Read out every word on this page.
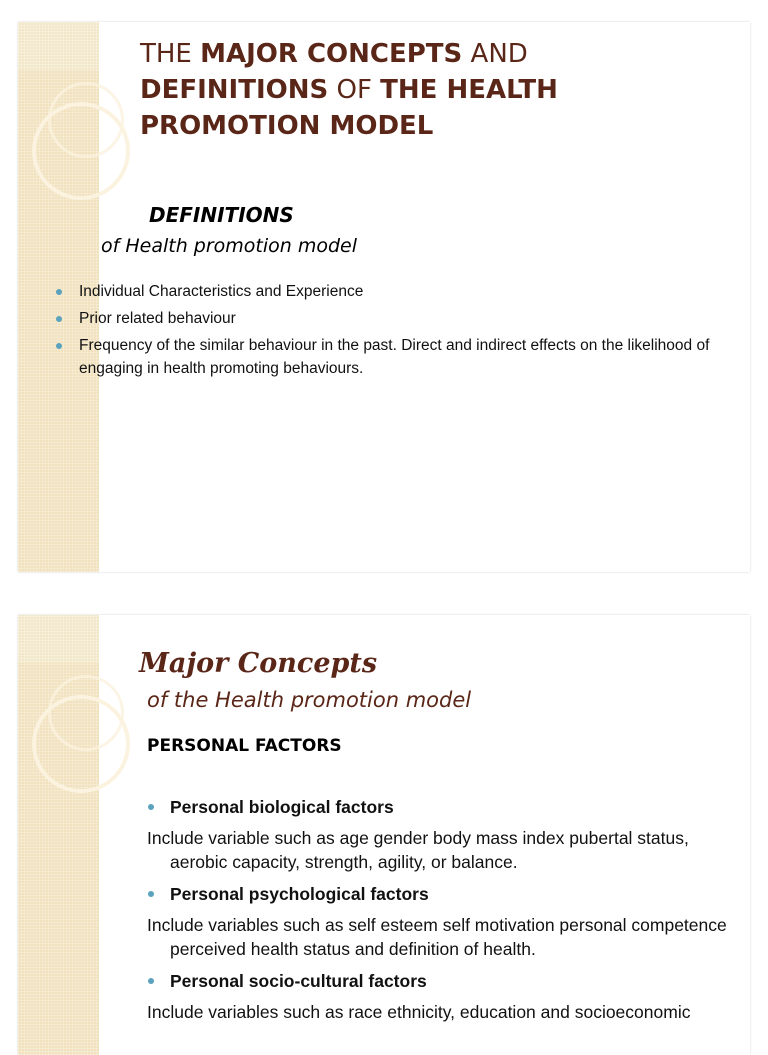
THE MAJOR CONCEPTS AND
DEFINITIONS OF THE HEALTH
PROMOTION MODEL
DEFINITIONS
of Health promotion model
Individual Characteristics and Experience
Prior related behaviour
Frequency of the similar behaviour in the past. Direct and indirect effects on the likelihood of engaging in health promoting behaviours.
Major Concepts
of the Health promotion model
PERSONAL FACTORS
Personal biological factors
Include variable such as age gender body mass index pubertal status, aerobic capacity, strength, agility, or balance.
Personal psychological factors
Include variables such as self esteem self motivation personal competence perceived health status and definition of health.
Personal socio-cultural factors
Include variables such as race ethnicity, education and socioeconomic
